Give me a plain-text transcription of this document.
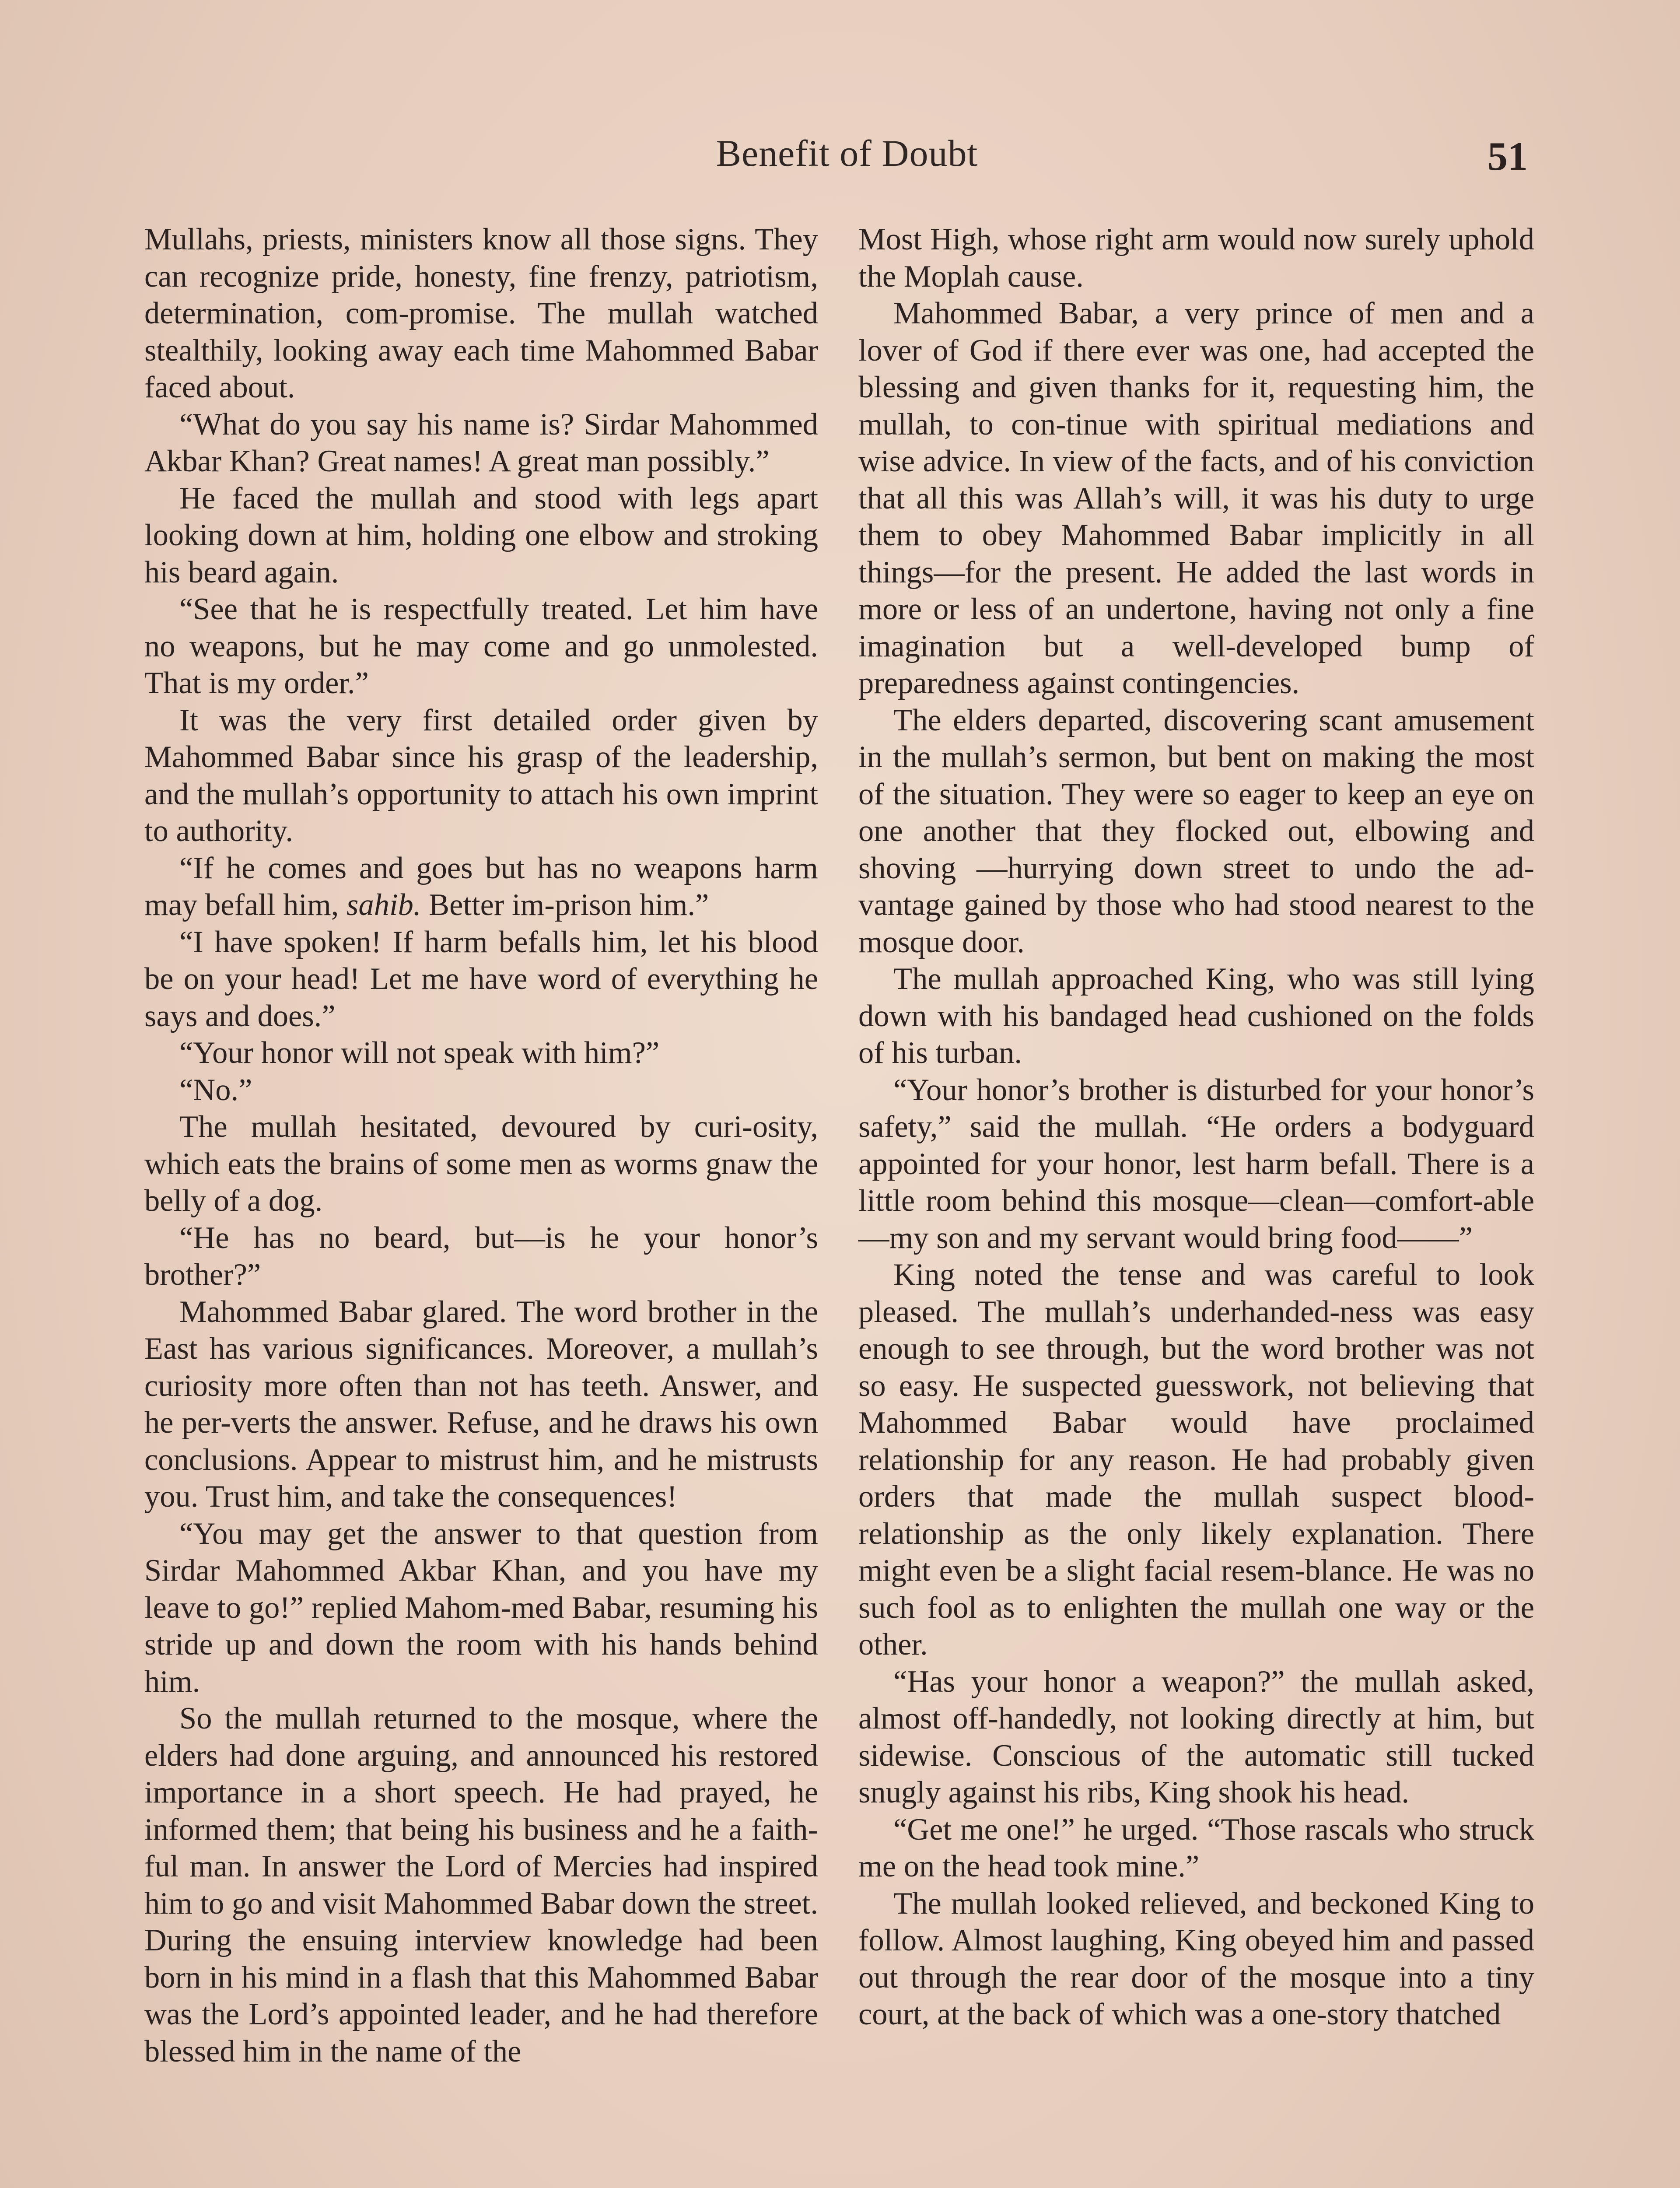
Benefit of Doubt	51

Mullahs, priests, ministers know all those signs. They can recognize pride, honesty, fine frenzy, patriotism, determination, com-promise. The mullah watched stealthily, looking away each time Mahommed Babar faced about.

“What do you say his name is? Sirdar Mahommed Akbar Khan? Great names! A great man possibly.”

He faced the mullah and stood with legs apart looking down at him, holding one elbow and stroking his beard again.

“See that he is respectfully treated. Let him have no weapons, but he may come and go unmolested. That is my order.”

It was the very first detailed order given by Mahommed Babar since his grasp of the leadership, and the mullah’s opportunity to attach his own imprint to authority.

“If he comes and goes but has no weapons harm may befall him, sahib. Better im-prison him.”

“I have spoken! If harm befalls him, let his blood be on your head! Let me have word of everything he says and does.”

“Your honor will not speak with him?”

“No.”

The mullah hesitated, devoured by curi-osity, which eats the brains of some men as worms gnaw the belly of a dog.

“He has no beard, but—is he your honor’s brother?”

Mahommed Babar glared. The word brother in the East has various significances. Moreover, a mullah’s curiosity more often than not has teeth. Answer, and he per-verts the answer. Refuse, and he draws his own conclusions. Appear to mistrust him, and he mistrusts you. Trust him, and take the consequences!

“You may get the answer to that question from Sirdar Mahommed Akbar Khan, and you have my leave to go!” replied Mahom-med Babar, resuming his stride up and down the room with his hands behind him.

So the mullah returned to the mosque, where the elders had done arguing, and announced his restored importance in a short speech. He had prayed, he informed them; that being his business and he a faith-ful man. In answer the Lord of Mercies had inspired him to go and visit Mahommed Babar down the street. During the ensuing interview knowledge had been born in his mind in a flash that this Mahommed Babar was the Lord’s appointed leader, and he had therefore blessed him in the name of the

Most High, whose right arm would now surely uphold the Moplah cause.

Mahommed Babar, a very prince of men and a lover of God if there ever was one, had accepted the blessing and given thanks for it, requesting him, the mullah, to con-tinue with spiritual mediations and wise advice. In view of the facts, and of his conviction that all this was Allah’s will, it was his duty to urge them to obey Mahommed Babar implicitly in all things—for the present. He added the last words in more or less of an undertone, having not only a fine imagination but a well-developed bump of preparedness against contingencies.

The elders departed, discovering scant amusement in the mullah’s sermon, but bent on making the most of the situation. They were so eager to keep an eye on one another that they flocked out, elbowing and shoving —hurrying down street to undo the ad-vantage gained by those who had stood nearest to the mosque door.

The mullah approached King, who was still lying down with his bandaged head cushioned on the folds of his turban.

“Your honor’s brother is disturbed for your honor’s safety,” said the mullah. “He orders a bodyguard appointed for your honor, lest harm befall. There is a little room behind this mosque—clean—comfort-able—my son and my servant would bring food——”

King noted the tense and was careful to look pleased. The mullah’s underhanded-ness was easy enough to see through, but the word brother was not so easy. He suspected guesswork, not believing that Mahommed Babar would have proclaimed relationship for any reason. He had probably given orders that made the mullah suspect blood-relationship as the only likely explanation. There might even be a slight facial resem-blance. He was no such fool as to enlighten the mullah one way or the other.

“Has your honor a weapon?” the mullah asked, almost off-handedly, not looking directly at him, but sidewise. Conscious of the automatic still tucked snugly against his ribs, King shook his head.

“Get me one!” he urged. “Those rascals who struck me on the head took mine.”

The mullah looked relieved, and beckoned King to follow. Almost laughing, King obeyed him and passed out through the rear door of the mosque into a tiny court, at the back of which was a one-story thatched
